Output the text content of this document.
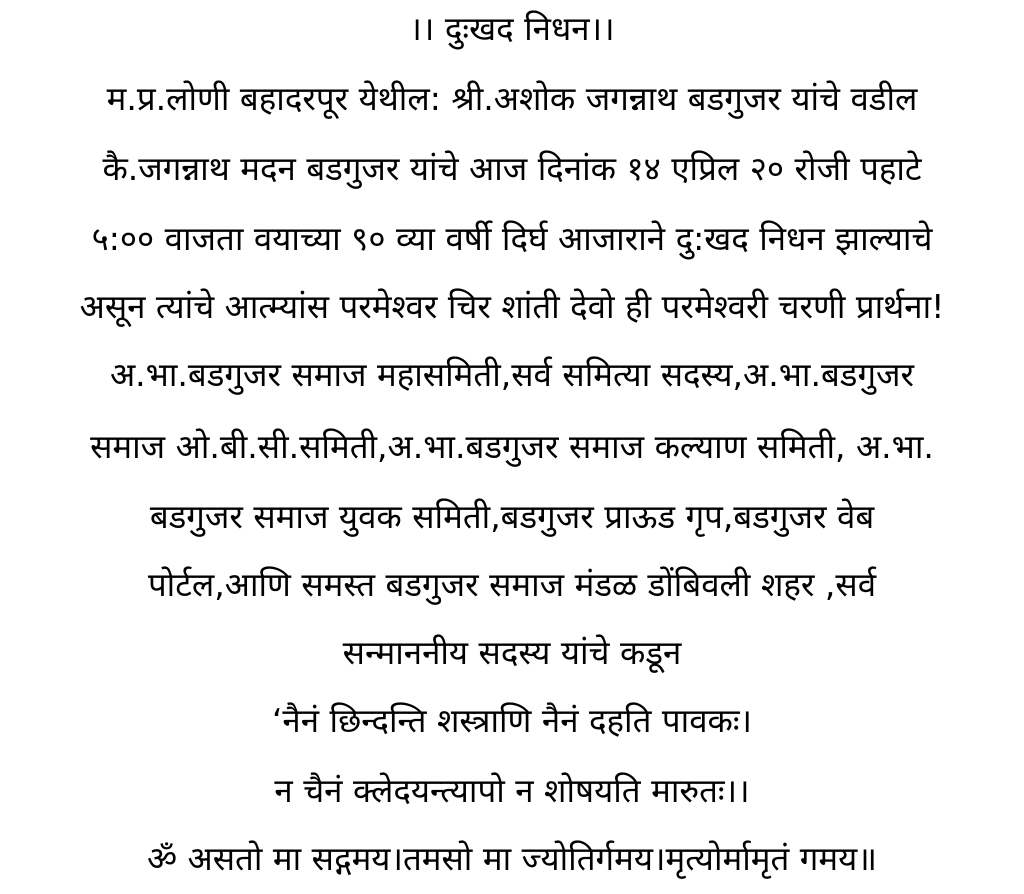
।। दुःखद निधन।।
म.प्र.लोणी बहादरपूर येथील: श्री.अशोक जगन्नाथ बडगुजर यांचे वडील
कै.जगन्नाथ मदन बडगुजर यांचे आज दिनांक १४ एप्रिल २० रोजी पहाटे
५:०० वाजता वयाच्या ९० व्या वर्षी दिर्घ आजाराने दु:खद निधन झाल्याचे
असून त्यांचे आत्म्यांस परमेश्वर चिर शांती देवो ही परमेश्वरी चरणी प्रार्थना!
अ.भा.बडगुजर समाज महासमिती,सर्व समित्या सदस्य,अ.भा.बडगुजर
समाज ओ.बी.सी.समिती,अ.भा.बडगुजर समाज कल्याण समिती, अ.भा.
बडगुजर समाज युवक समिती,बडगुजर प्राऊड गृप,बडगुजर वेब
पोर्टल,आणि समस्त बडगुजर समाज मंडळ डोंबिवली शहर ,सर्व
सन्माननीय सदस्य यांचे कडून
‘नैनं छिन्दन्ति शस्त्राणि नैनं दहति पावकः।
न चैनं क्लेदयन्त्यापो न शोषयति मारुतः।।
ॐ असतो मा सद्गमय।तमसो मा ज्योतिर्गमय।मृत्योर्मामृतं गमय॥
